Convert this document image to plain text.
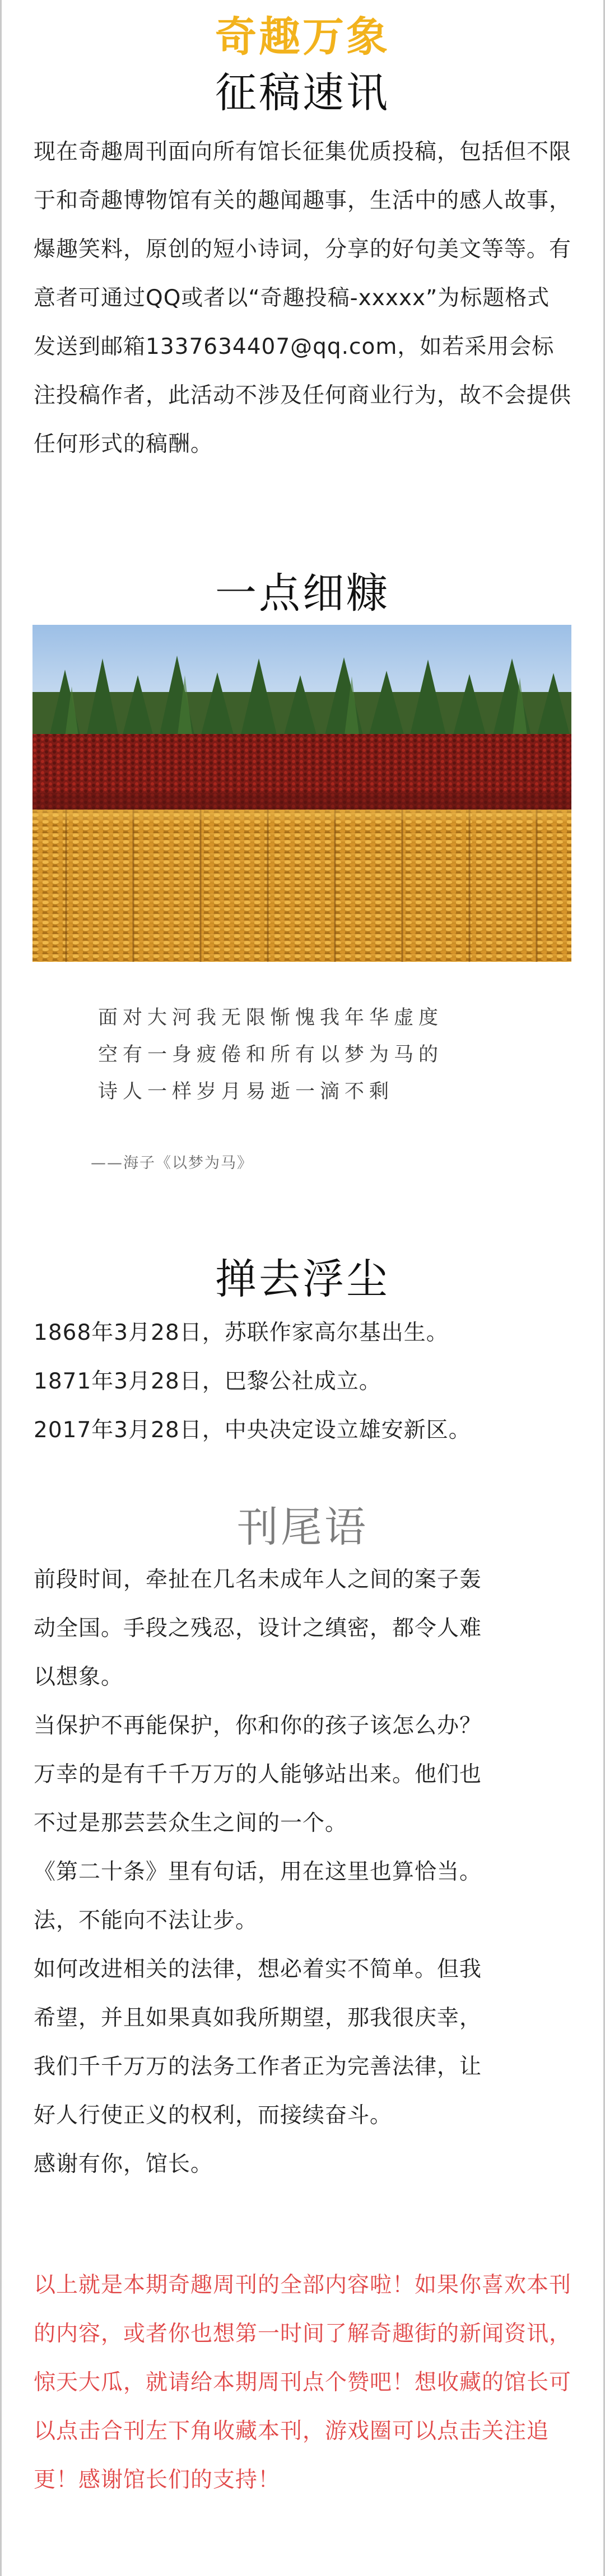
奇趣万象
征稿速讯
现在奇趣周刊面向所有馆长征集优质投稿，包括但不限于和奇趣博物馆有关的趣闻趣事，生活中的感人故事，爆趣笑料，原创的短小诗词，分享的好句美文等等。有意者可通过QQ或者以“奇趣投稿-xxxxx”为标题格式发送到邮箱1337634407@qq.com，如若采用会标注投稿作者，此活动不涉及任何商业行为，故不会提供任何形式的稿酬。
一点细糠
面对大河我无限惭愧我年华虚度
空有一身疲倦和所有以梦为马的
诗人一样岁月易逝一滴不剩
——海子《以梦为马》
掸去浮尘
1868年3月28日，苏联作家高尔基出生。
1871年3月28日，巴黎公社成立。
2017年3月28日，中央决定设立雄安新区。
刊尾语
前段时间，牵扯在几名未成年人之间的案子轰
动全国。手段之残忍，设计之缜密，都令人难
以想象。
当保护不再能保护，你和你的孩子该怎么办？
万幸的是有千千万万的人能够站出来。他们也
不过是那芸芸众生之间的一个。
《第二十条》里有句话，用在这里也算恰当。
法，不能向不法让步。
如何改进相关的法律，想必着实不简单。但我
希望，并且如果真如我所期望，那我很庆幸，
我们千千万万的法务工作者正为完善法律，让
好人行使正义的权利，而接续奋斗。
感谢有你，馆长。
以上就是本期奇趣周刊的全部内容啦！如果你喜欢本刊的内容，或者你也想第一时间了解奇趣街的新闻资讯，惊天大瓜，就请给本期周刊点个赞吧！想收藏的馆长可以点击合刊左下角收藏本刊，游戏圈可以点击关注追更！感谢馆长们的支持！
